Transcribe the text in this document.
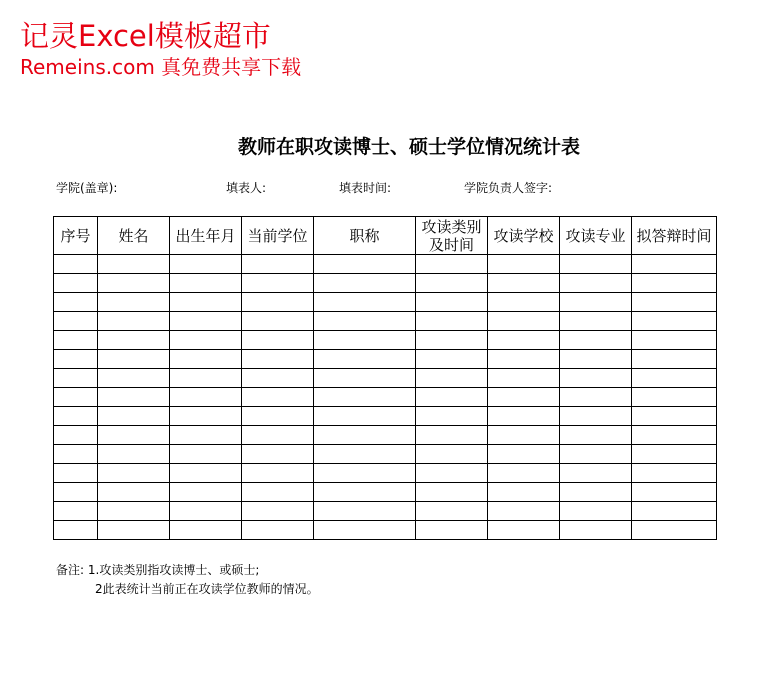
记灵Excel模板超市
Remeins.com 真免费共享下载
教师在职攻读博士、硕士学位情况统计表
学院(盖章):	填表人:	填表时间:	学院负责人签字:
序号	姓名	出生年月	当前学位	职称	攻读类别及时间	攻读学校	攻读专业	拟答辩时间

备注: 1.攻读类别指攻读博士、或硕士;
2此表统计当前正在攻读学位教师的情况。
